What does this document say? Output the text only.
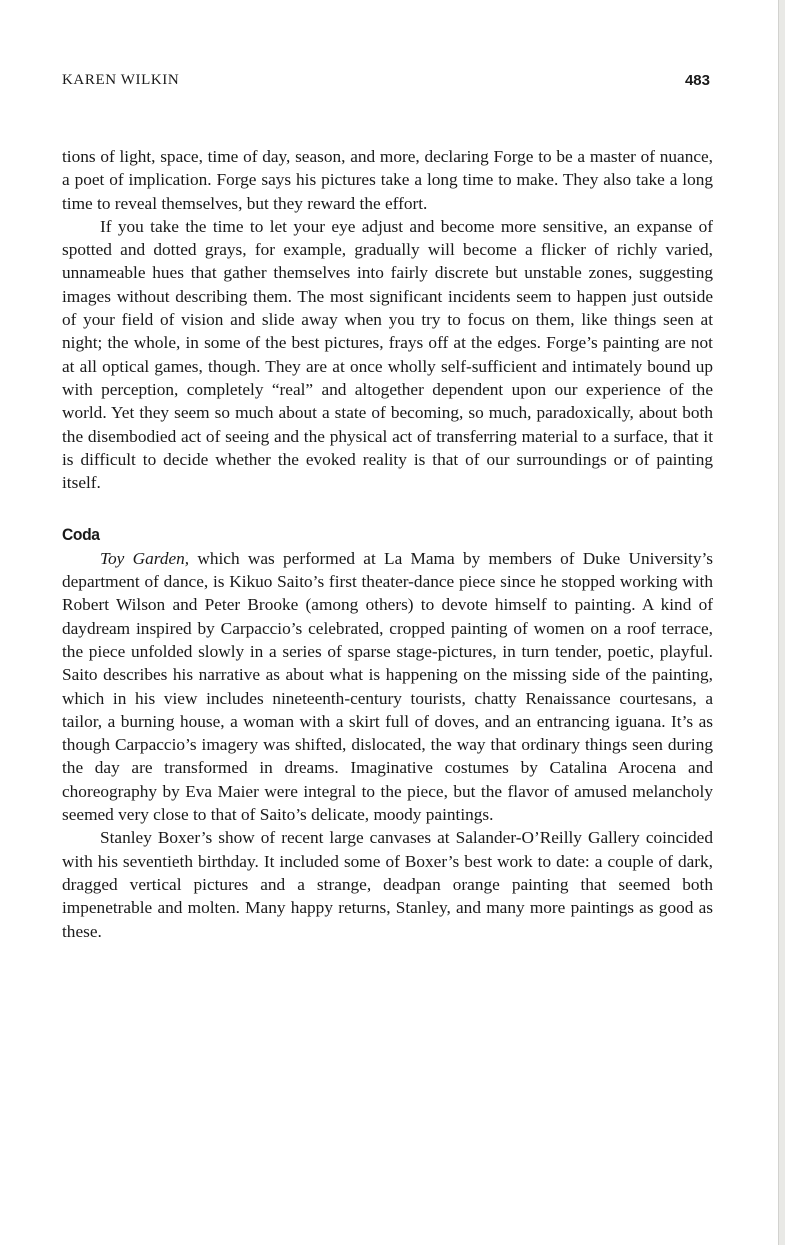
KAREN WILKIN	483

tions of light, space, time of day, season, and more, declaring Forge to be a master of nuance, a poet of implication. Forge says his pictures take a long time to make. They also take a long time to reveal themselves, but they reward the effort.

If you take the time to let your eye adjust and become more sensitive, an expanse of spotted and dotted grays, for example, gradually will become a flicker of richly varied, unnameable hues that gather themselves into fairly discrete but unstable zones, suggesting images without describing them. The most significant incidents seem to happen just outside of your field of vision and slide away when you try to focus on them, like things seen at night; the whole, in some of the best pictures, frays off at the edges. Forge’s painting are not at all optical games, though. They are at once wholly self-sufficient and intimately bound up with perception, completely “real” and altogether dependent upon our experience of the world. Yet they seem so much about a state of becoming, so much, paradoxically, about both the disembodied act of seeing and the physical act of transferring material to a surface, that it is difficult to decide whether the evoked reality is that of our surroundings or of painting itself.

Coda

Toy Garden, which was performed at La Mama by members of Duke University’s department of dance, is Kikuo Saito’s first theater-dance piece since he stopped working with Robert Wilson and Peter Brooke (among others) to devote himself to painting. A kind of daydream inspired by Carpaccio’s celebrated, cropped painting of women on a roof terrace, the piece unfolded slowly in a series of sparse stage-pictures, in turn tender, poetic, playful. Saito describes his narrative as about what is happening on the missing side of the painting, which in his view includes nineteenth-century tourists, chatty Renaissance courtesans, a tailor, a burning house, a woman with a skirt full of doves, and an entrancing iguana. It’s as though Carpaccio’s imagery was shifted, dislocated, the way that ordinary things seen during the day are transformed in dreams. Imaginative costumes by Catalina Arocena and choreography by Eva Maier were integral to the piece, but the flavor of amused melancholy seemed very close to that of Saito’s delicate, moody paintings.

Stanley Boxer’s show of recent large canvases at Salander-O’Reilly Gallery coincided with his seventieth birthday. It included some of Boxer’s best work to date: a couple of dark, dragged vertical pictures and a strange, deadpan orange painting that seemed both impenetrable and molten. Many happy returns, Stanley, and many more paintings as good as these.
